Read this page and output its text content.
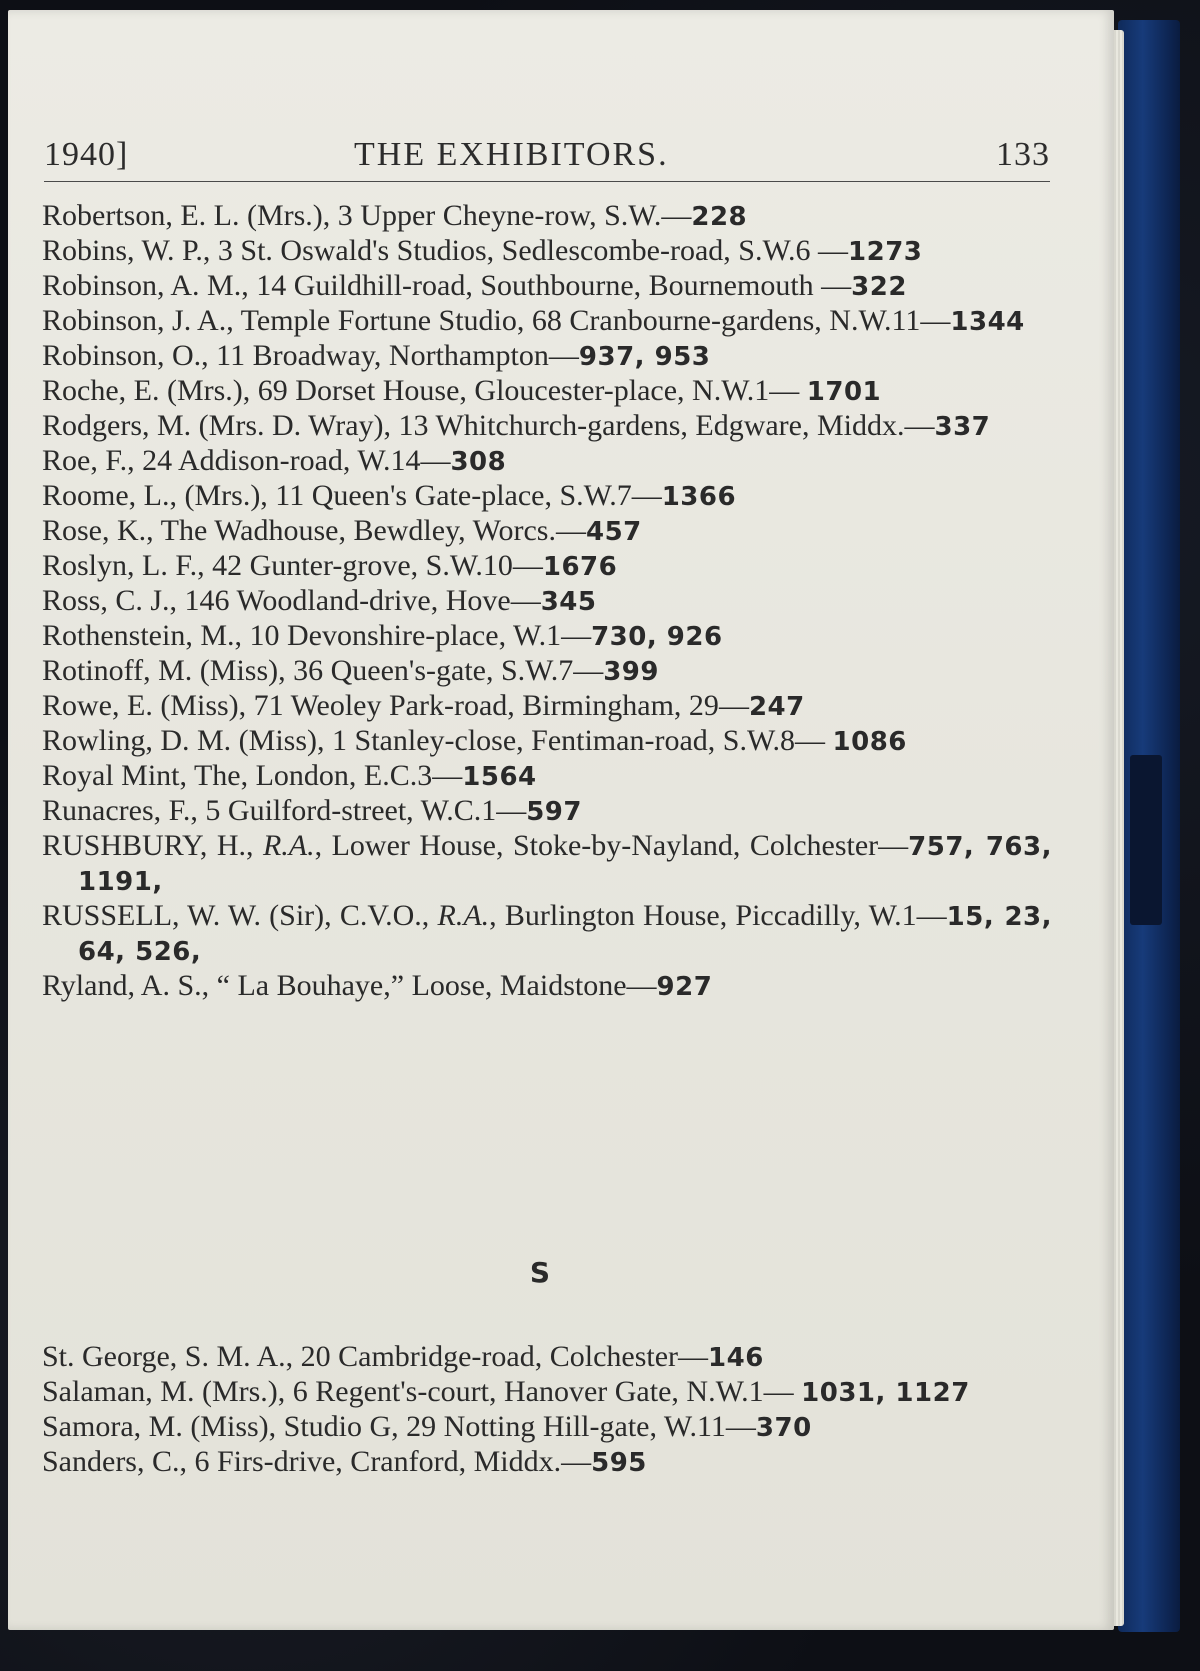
1940]	THE EXHIBITORS.	133

Robertson, E. L. (Mrs.), 3 Upper Cheyne-row, S.W.—228

Robins, W. P., 3 St. Oswald's Studios, Sedlescombe-road, S.W.6 —1273

Robinson, A. M., 14 Guildhill-road, Southbourne, Bournemouth —322

Robinson, J. A., Temple Fortune Studio, 68 Cranbourne-gardens, N.W.11—1344

Robinson, O., 11 Broadway, Northampton—937, 953

Roche, E. (Mrs.), 69 Dorset House, Gloucester-place, N.W.1— 1701

Rodgers, M. (Mrs. D. Wray), 13 Whitchurch-gardens, Edgware, Middx.—337

Roe, F., 24 Addison-road, W.14—308

Roome, L., (Mrs.), 11 Queen's Gate-place, S.W.7—1366

Rose, K., The Wadhouse, Bewdley, Worcs.—457

Roslyn, L. F., 42 Gunter-grove, S.W.10—1676

Ross, C. J., 146 Woodland-drive, Hove—345

Rothenstein, M., 10 Devonshire-place, W.1—730, 926

Rotinoff, M. (Miss), 36 Queen's-gate, S.W.7—399

Rowe, E. (Miss), 71 Weoley Park-road, Birmingham, 29—247

Rowling, D. M. (Miss), 1 Stanley-close, Fentiman-road, S.W.8— 1086

Royal Mint, The, London, E.C.3—1564

Runacres, F., 5 Guilford-street, W.C.1—597

RUSHBURY, H., R.A., Lower House, Stoke-by-Nayland, Colchester—757, 763, 1191,

RUSSELL, W. W. (Sir), C.V.O., R.A., Burlington House, Piccadilly, W.1—15, 23, 64, 526,

Ryland, A. S., “ La Bouhaye,” Loose, Maidstone—927

S

St. George, S. M. A., 20 Cambridge-road, Colchester—146

Salaman, M. (Mrs.), 6 Regent's-court, Hanover Gate, N.W.1— 1031, 1127

Samora, M. (Miss), Studio G, 29 Notting Hill-gate, W.11—370

Sanders, C., 6 Firs-drive, Cranford, Middx.—595
